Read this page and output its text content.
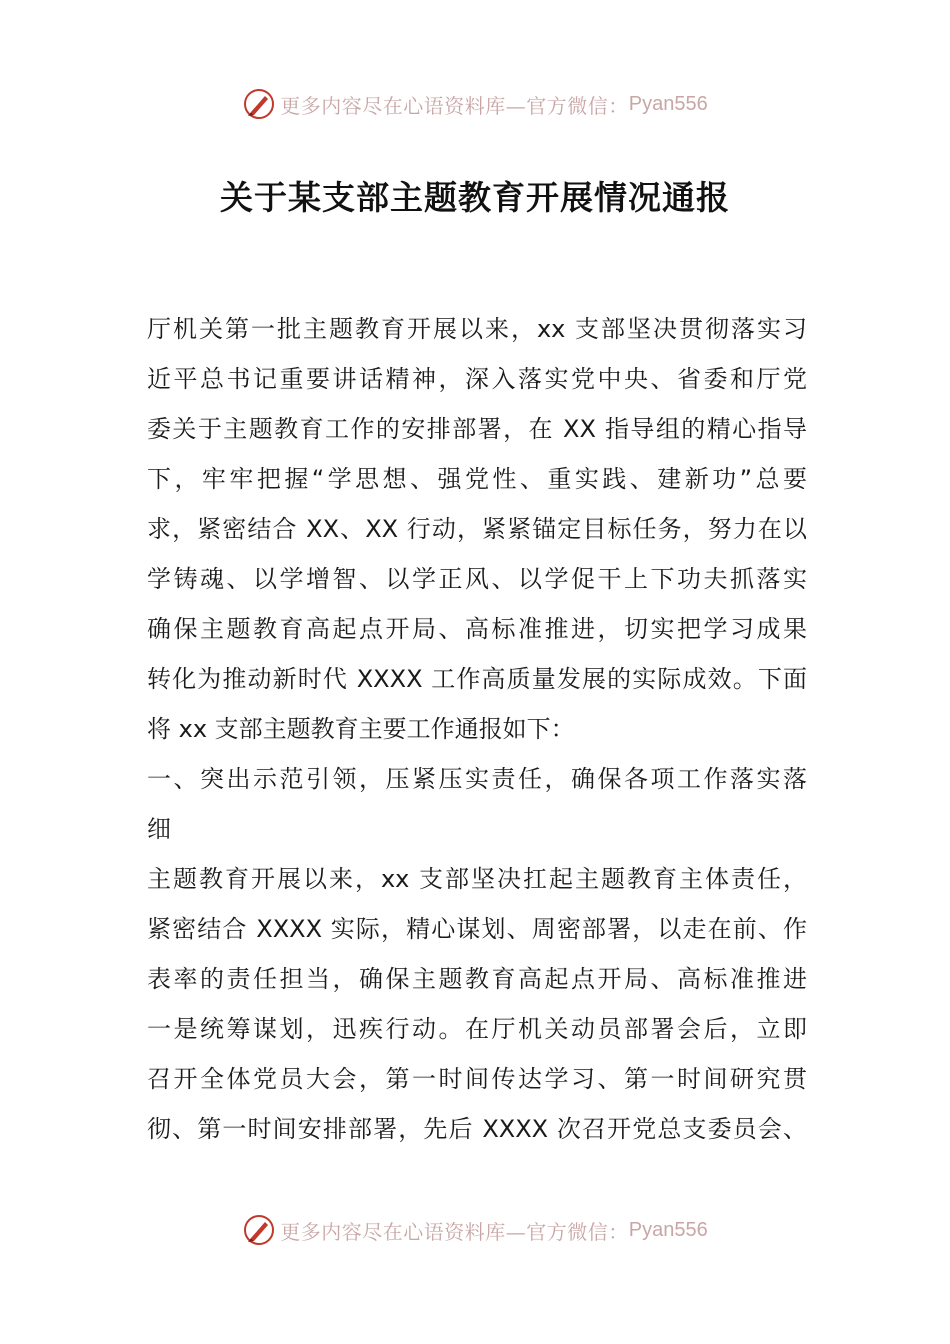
更多内容尽在心语资料库—官方微信： Pyan556
关于某支部主题教育开展情况通报
厅机关第一批主题教育开展以来，xx 支部坚决贯彻落实习
近平总书记重要讲话精神，深入落实党中央、省委和厅党
委关于主题教育工作的安排部署，在 XX 指导组的精心指导
下，牢牢把握“学思想、强党性、重实践、建新功”总要
求，紧密结合 XX、XX 行动，紧紧锚定目标任务，努力在以
学铸魂、以学增智、以学正风、以学促干上下功夫抓落实
确保主题教育高起点开局、高标准推进，切实把学习成果
转化为推动新时代 XXXX 工作高质量发展的实际成效。下面
将 xx 支部主题教育主要工作通报如下：
一、突出示范引领，压紧压实责任，确保各项工作落实落
细
主题教育开展以来，xx 支部坚决扛起主题教育主体责任，
紧密结合 XXXX 实际，精心谋划、周密部署，以走在前、作
表率的责任担当，确保主题教育高起点开局、高标准推进
一是统筹谋划，迅疾行动。在厅机关动员部署会后，立即
召开全体党员大会，第一时间传达学习、第一时间研究贯
彻、第一时间安排部署，先后 XXXX 次召开党总支委员会、
更多内容尽在心语资料库—官方微信： Pyan556
